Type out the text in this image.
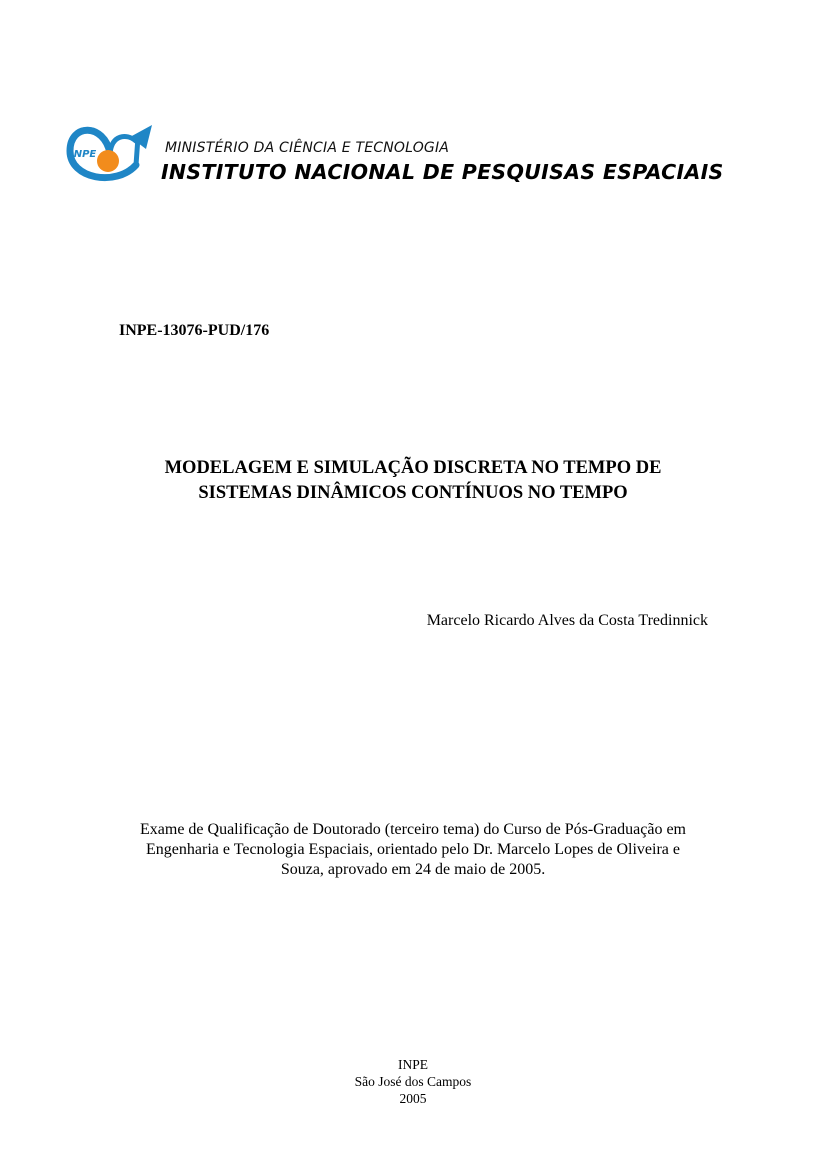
INPE	MINISTÉRIO DA CIÊNCIA E TECNOLOGIA
INSTITUTO NACIONAL DE PESQUISAS ESPACIAIS
INPE-13076-PUD/176
MODELAGEM E SIMULAÇÃO DISCRETA NO TEMPO DE
SISTEMAS DINÂMICOS CONTÍNUOS NO TEMPO
Marcelo Ricardo Alves da Costa Tredinnick
Exame de Qualificação de Doutorado (terceiro tema) do Curso de Pós-Graduação em
Engenharia e Tecnologia Espaciais, orientado pelo Dr. Marcelo Lopes de Oliveira e
Souza, aprovado em 24 de maio de 2005.
INPE
São José dos Campos
2005
